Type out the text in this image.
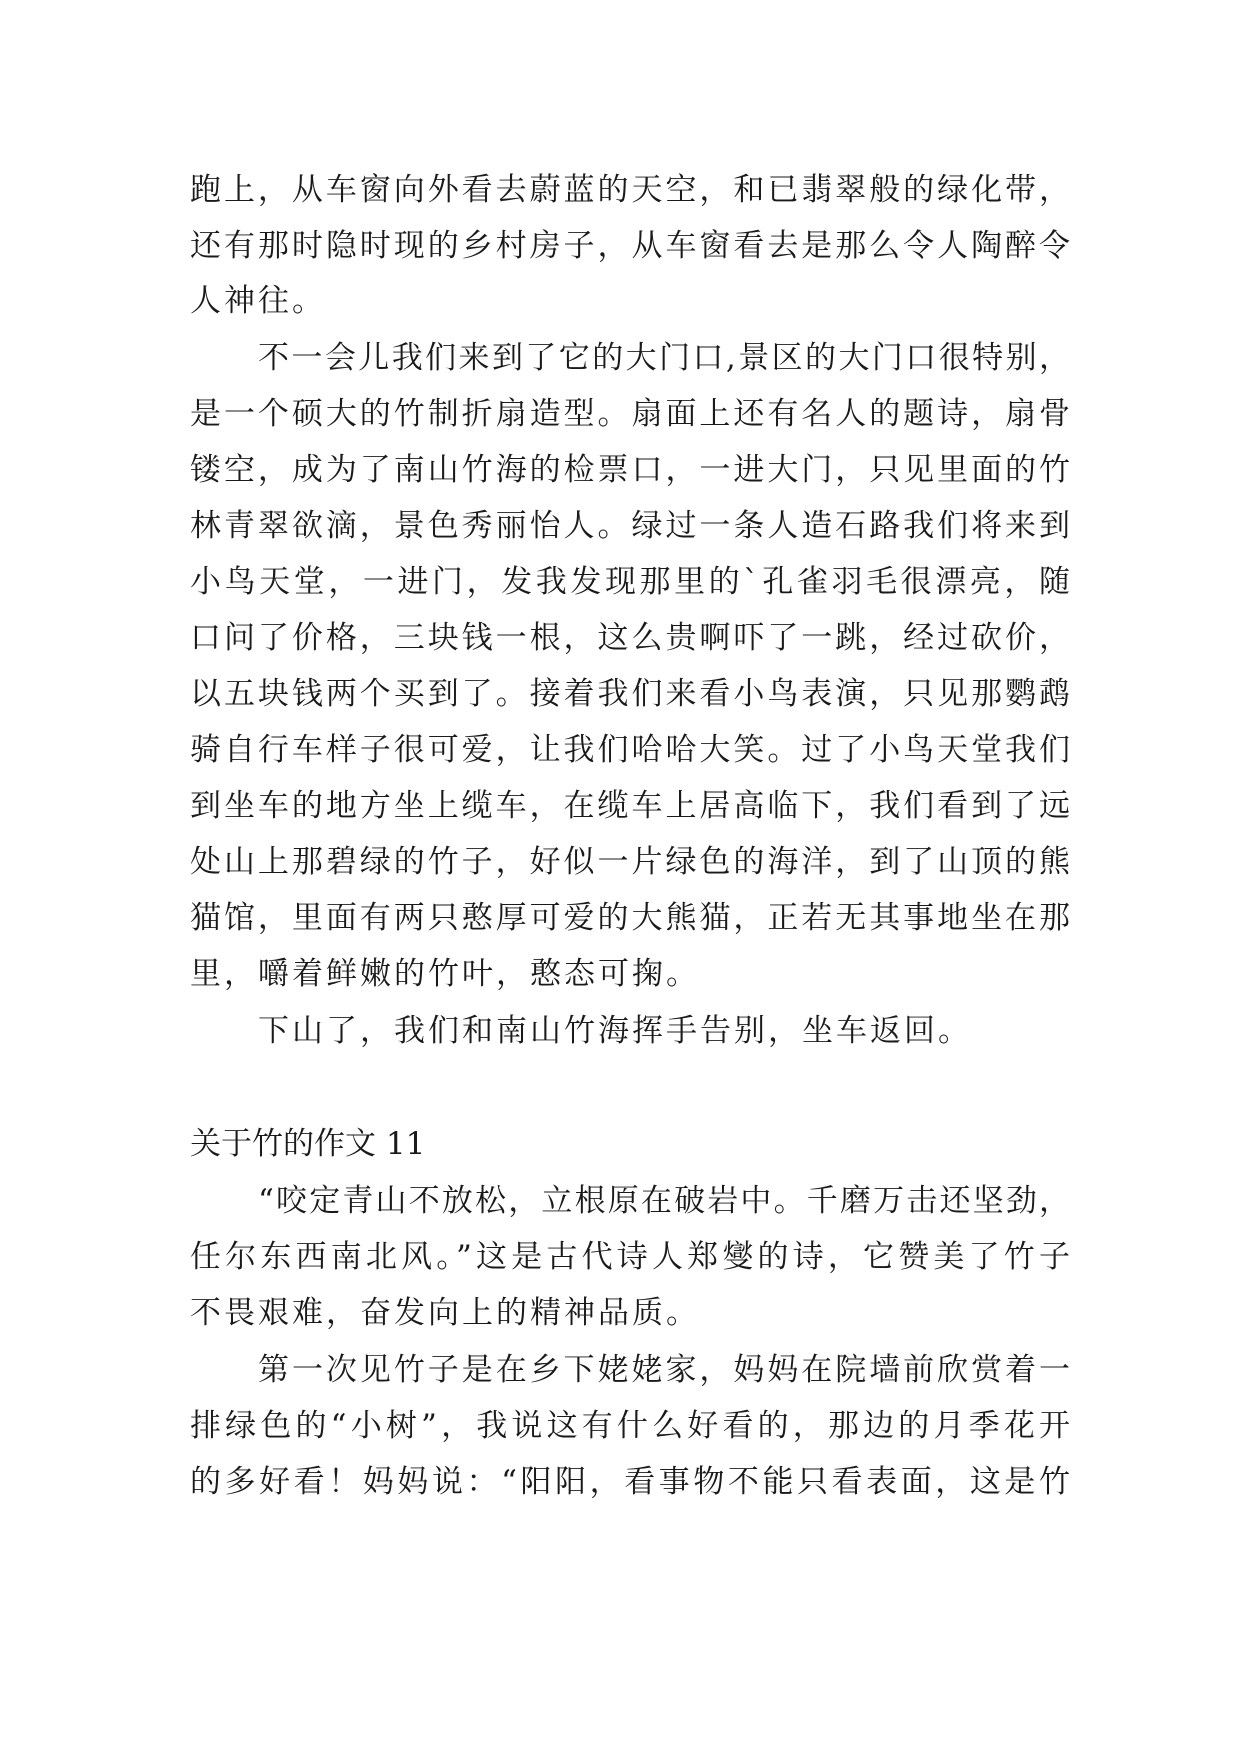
跑上，从车窗向外看去蔚蓝的天空，和已翡翠般的绿化带，
还有那时隐时现的乡村房子，从车窗看去是那么令人陶醉令
人神往。
不一会儿我们来到了它的大门口,景区的大门口很特别，
是一个硕大的竹制折扇造型。扇面上还有名人的题诗，扇骨
镂空，成为了南山竹海的检票口，一进大门，只见里面的竹
林青翠欲滴，景色秀丽怡人。绿过一条人造石路我们将来到
小鸟天堂，一进门，发我发现那里的`孔雀羽毛很漂亮，随
口问了价格，三块钱一根，这么贵啊吓了一跳，经过砍价，
以五块钱两个买到了。接着我们来看小鸟表演，只见那鹦鹉
骑自行车样子很可爱，让我们哈哈大笑。过了小鸟天堂我们
到坐车的地方坐上缆车，在缆车上居高临下，我们看到了远
处山上那碧绿的竹子，好似一片绿色的海洋，到了山顶的熊
猫馆，里面有两只憨厚可爱的大熊猫，正若无其事地坐在那
里，嚼着鲜嫩的竹叶，憨态可掬。
下山了，我们和南山竹海挥手告别，坐车返回。
关于竹的作文 11
“咬定青山不放松，立根原在破岩中。千磨万击还坚劲，
任尔东西南北风。”这是古代诗人郑燮的诗，它赞美了竹子
不畏艰难，奋发向上的精神品质。
第一次见竹子是在乡下姥姥家，妈妈在院墙前欣赏着一
排绿色的“小树”，我说这有什么好看的，那边的月季花开
的多好看！妈妈说：“阳阳，看事物不能只看表面，这是竹
